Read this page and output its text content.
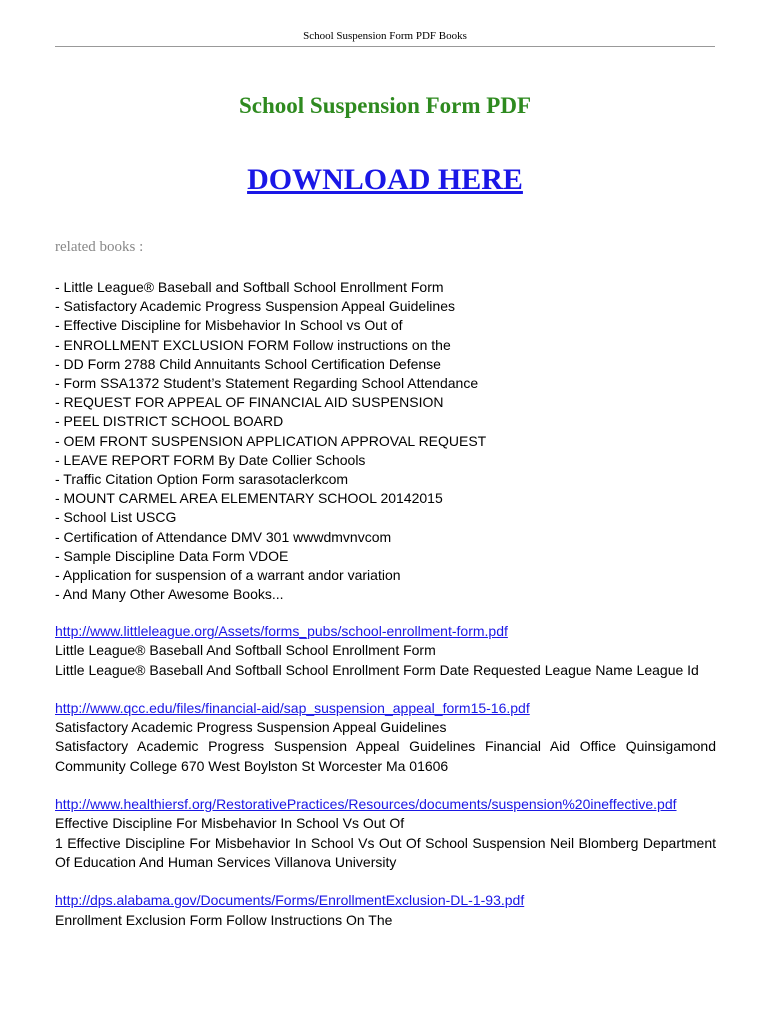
School Suspension Form PDF Books
School Suspension Form PDF
DOWNLOAD HERE
related books :
- Little League® Baseball and Softball School Enrollment Form
- Satisfactory Academic Progress Suspension Appeal Guidelines
- Effective Discipline for Misbehavior In School vs Out of
- ENROLLMENT EXCLUSION FORM Follow instructions on the
- DD Form 2788 Child Annuitants School Certification Defense
- Form SSA1372 Student’s Statement Regarding School Attendance
- REQUEST FOR APPEAL OF FINANCIAL AID SUSPENSION
- PEEL DISTRICT SCHOOL BOARD
- OEM FRONT SUSPENSION APPLICATION APPROVAL REQUEST
- LEAVE REPORT FORM By Date Collier Schools
- Traffic Citation Option Form sarasotaclerkcom
- MOUNT CARMEL AREA ELEMENTARY SCHOOL 20142015
- School List USCG
- Certification of Attendance DMV 301 wwwdmvnvcom
- Sample Discipline Data Form VDOE
- Application for suspension of a warrant andor variation
- And Many Other Awesome Books...
http://www.littleleague.org/Assets/forms_pubs/school-enrollment-form.pdf
Little League® Baseball And Softball School Enrollment Form
Little League® Baseball And Softball School Enrollment Form Date Requested League Name League Id
http://www.qcc.edu/files/financial-aid/sap_suspension_appeal_form15-16.pdf
Satisfactory Academic Progress Suspension Appeal Guidelines
Satisfactory Academic Progress Suspension Appeal Guidelines Financial Aid Office Quinsigamond Community College 670 West Boylston St Worcester Ma 01606
http://www.healthiersf.org/RestorativePractices/Resources/documents/suspension%20ineffective.pdf
Effective Discipline For Misbehavior In School Vs Out Of
1 Effective Discipline For Misbehavior In School Vs Out Of School Suspension Neil Blomberg Department Of Education And Human Services Villanova University
http://dps.alabama.gov/Documents/Forms/EnrollmentExclusion-DL-1-93.pdf
Enrollment Exclusion Form Follow Instructions On The
